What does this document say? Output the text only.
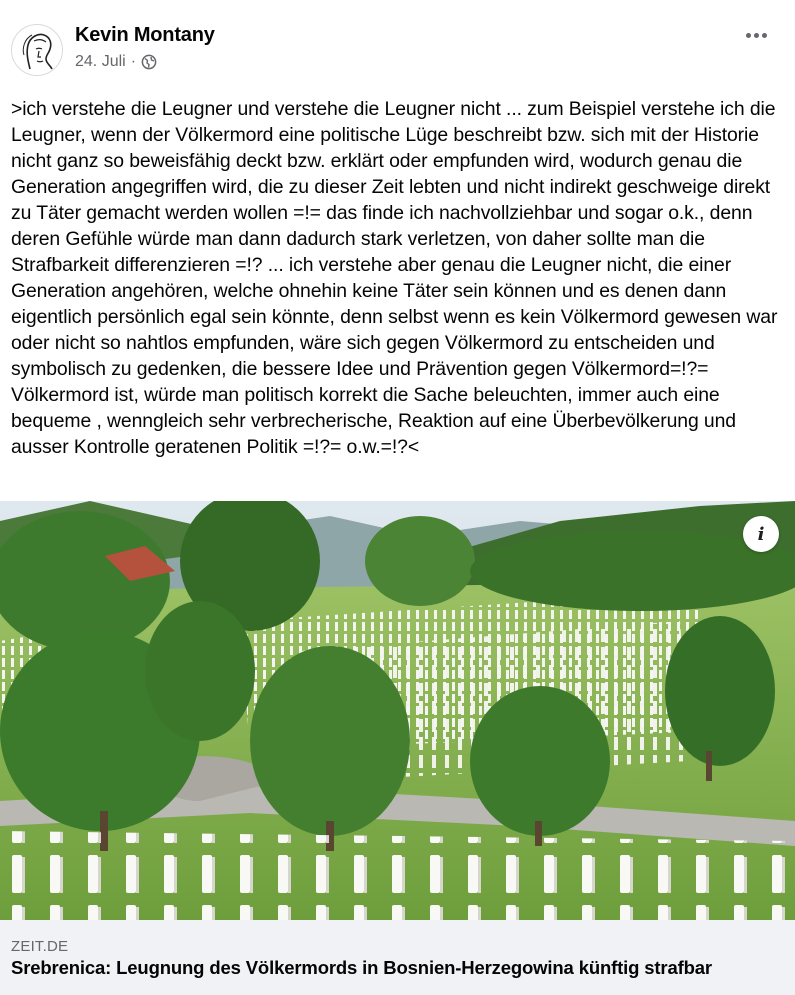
Kevin Montany
24. Juli ·
>ich verstehe die Leugner und verstehe die Leugner nicht ... zum Beispiel verstehe ich die Leugner, wenn der Völkermord eine politische Lüge beschreibt bzw. sich mit der Historie nicht ganz so beweisfähig deckt bzw. erklärt oder empfunden wird, wodurch genau die Generation angegriffen wird, die zu dieser Zeit lebten und nicht indirekt geschweige direkt zu Täter gemacht werden wollen =!= das finde ich nachvollziehbar und sogar o.k., denn deren Gefühle würde man dann dadurch stark verletzen, von daher sollte man die Strafbarkeit differenzieren =!? ... ich verstehe aber genau die Leugner nicht, die einer Generation angehören, welche ohnehin keine Täter sein können und es denen dann eigentlich persönlich egal sein könnte, denn selbst wenn es kein Völkermord gewesen war oder nicht so nahtlos empfunden, wäre sich gegen Völkermord zu entscheiden und symbolisch zu gedenken, die bessere Idee und Prävention gegen Völkermord=!?= Völkermord ist, würde man politisch korrekt die Sache beleuchten, immer auch eine bequeme , wenngleich sehr verbrecherische, Reaktion auf eine Überbevölkerung und ausser Kontrolle geratenen Politik =!?= o.w.=!?<
i
ZEIT.DE
Srebrenica: Leugnung des Völkermords in Bosnien-Herzegowina künftig strafbar
